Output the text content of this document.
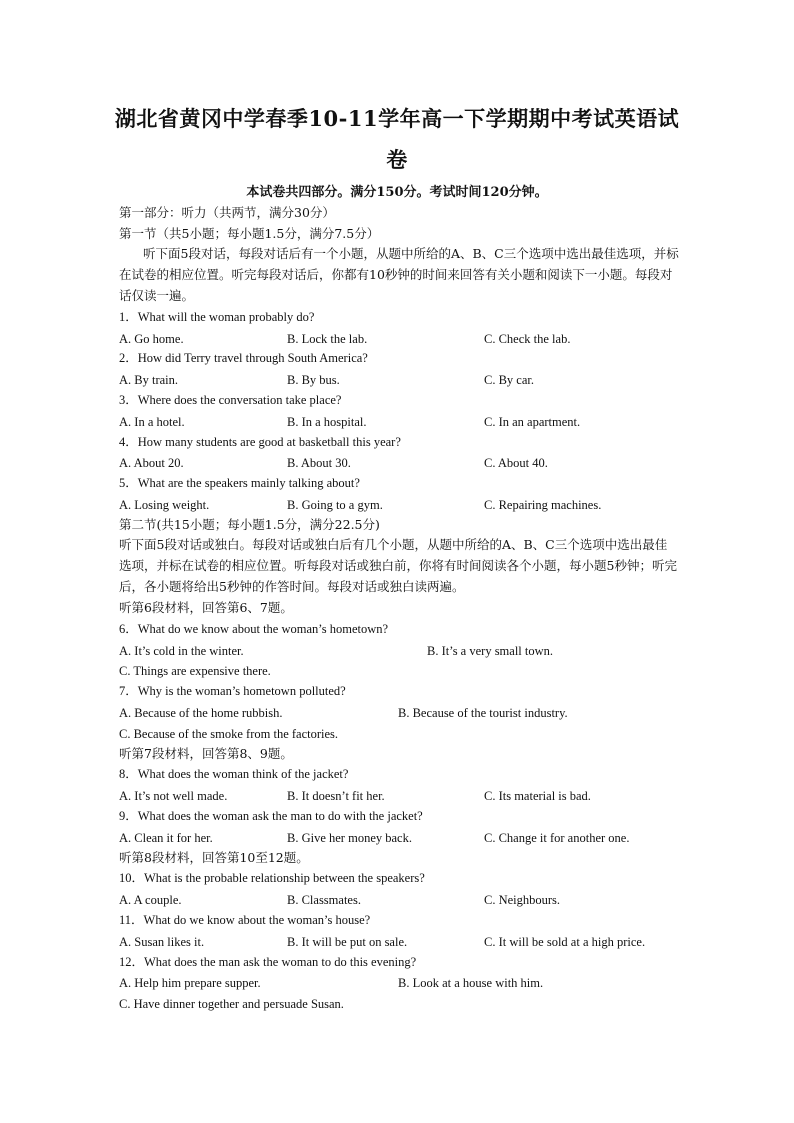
湖北省黄冈中学春季10-11学年高一下学期期中考试英语试
卷
本试卷共四部分。满分150分。考试时间120分钟。
第一部分：听力（共两节，满分30分）
第一节（共5小题；每小题1.5分，满分7.5分）
听下面5段对话，每段对话后有一个小题，从题中所给的A、B、C三个选项中选出最佳选项，并标在试卷的相应位置。听完每段对话后，你都有10秒钟的时间来回答有关小题和阅读下一小题。每段对话仅读一遍。
1．What will the woman probably do?
A. Go home.	B. Lock the lab.	C. Check the lab.
2．How did Terry travel through South America?
A. By train.	B. By bus.	C. By car.
3．Where does the conversation take place?
A. In a hotel.	B. In a hospital.	C. In an apartment.
4．How many students are good at basketball this year?
A. About 20.	B. About 30.	C. About 40.
5．What are the speakers mainly talking about?
A. Losing weight.	B. Going to a gym.	C. Repairing machines.
第二节(共15小题；每小题1.5分，满分22.5分)
听下面5段对话或独白。每段对话或独白后有几个小题，从题中所给的A、B、C三个选项中选出最佳选项，并标在试卷的相应位置。听每段对话或独白前，你将有时间阅读各个小题，每小题5秒钟；听完后，各小题将给出5秒钟的作答时间。每段对话或独白读两遍。
听第6段材料，回答第6、7题。
6．What do we know about the woman’s hometown?
A. It’s cold in the winter.	B. It’s a very small town.
C. Things are expensive there.
7．Why is the woman’s hometown polluted?
A. Because of the home rubbish.	B. Because of the tourist industry.
C. Because of the smoke from the factories.
听第7段材料，回答第8、9题。
8．What does the woman think of the jacket?
A. It’s not well made.	B. It doesn’t fit her.	C. Its material is bad.
9．What does the woman ask the man to do with the jacket?
A. Clean it for her.	B. Give her money back.	C. Change it for another one.
听第8段材料，回答第10至12题。
10．What is the probable relationship between the speakers?
A. A couple.	B. Classmates.	C. Neighbours.
11．What do we know about the woman’s house?
A. Susan likes it.	B. It will be put on sale.	C. It will be sold at a high price.
12．What does the man ask the woman to do this evening?
A. Help him prepare supper.	B. Look at a house with him.
C. Have dinner together and persuade Susan.
